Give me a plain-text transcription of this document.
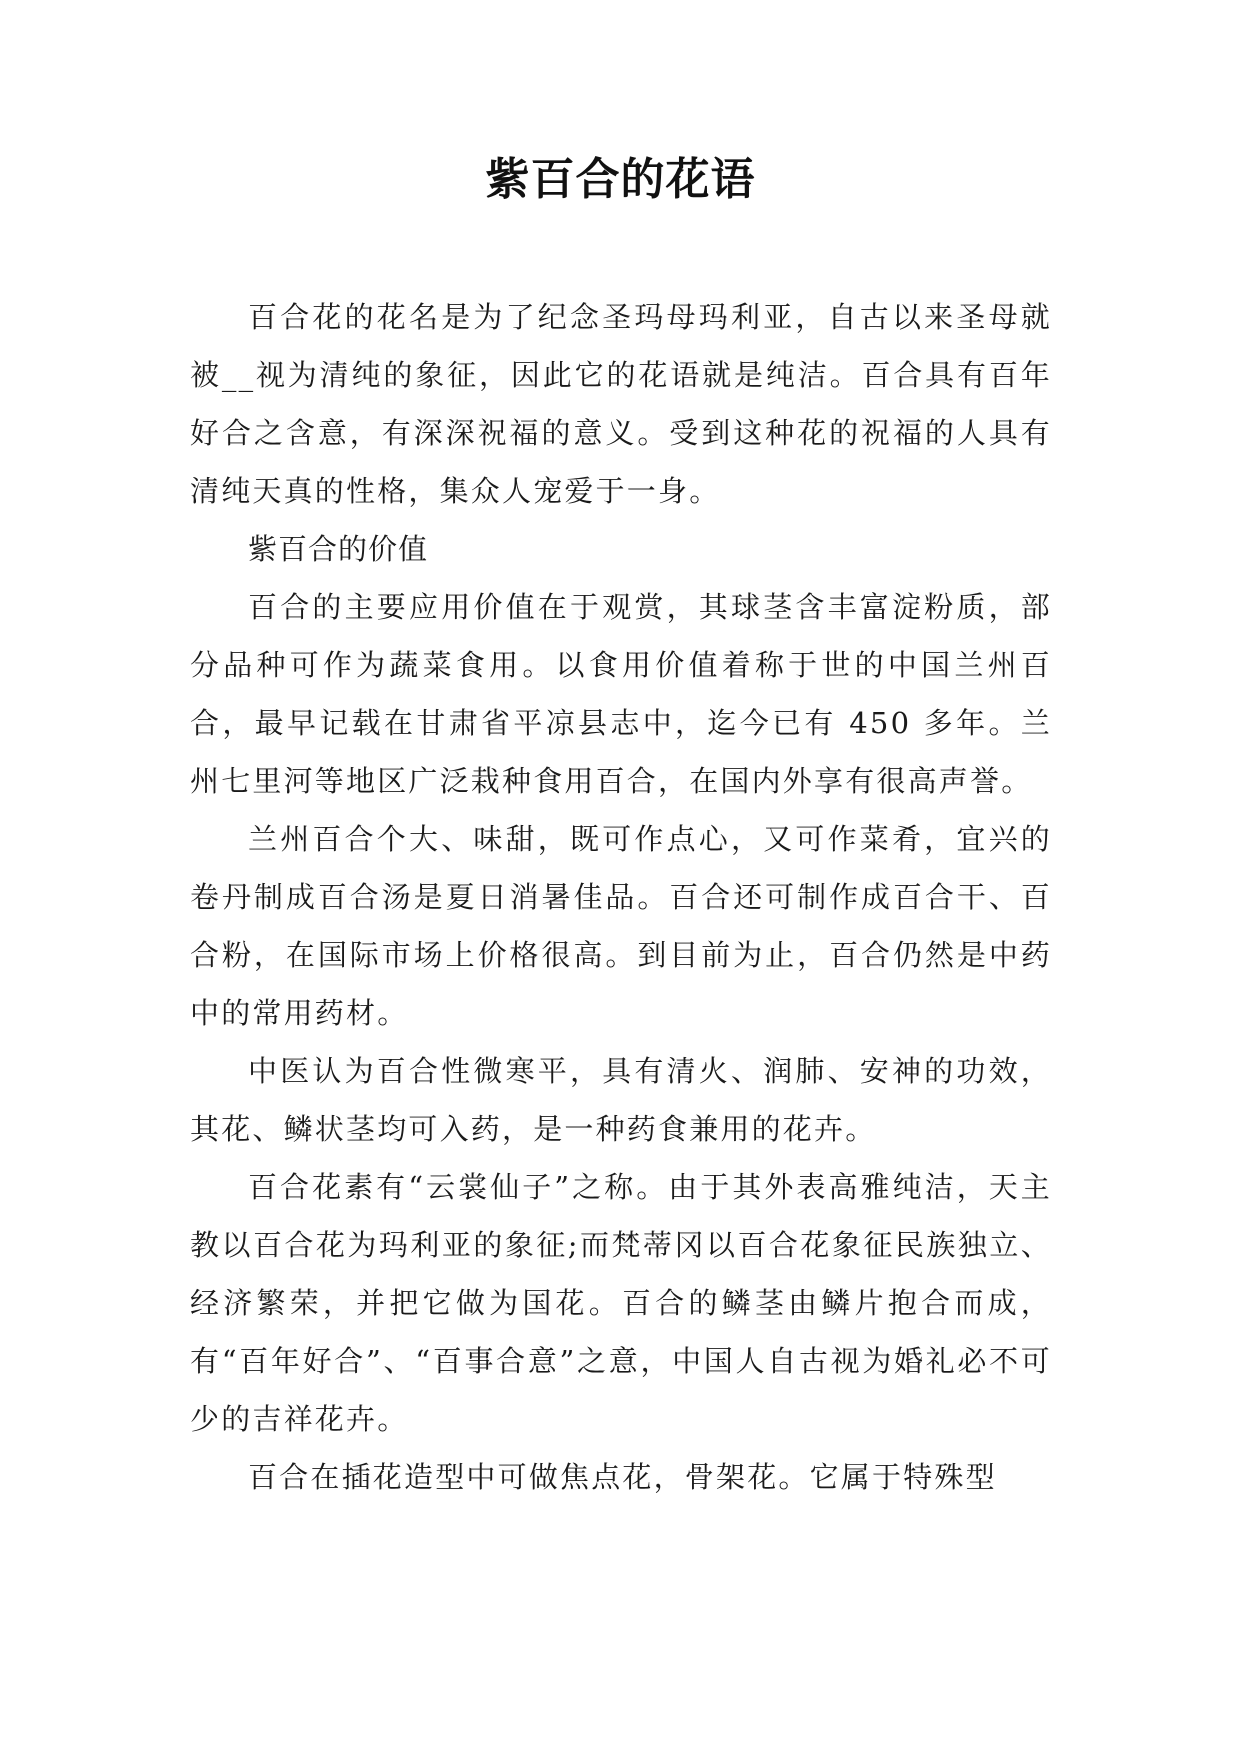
紫百合的花语

百合花的花名是为了纪念圣玛母玛利亚，自古以来圣母就被__视为清纯的象征，因此它的花语就是纯洁。百合具有百年好合之含意，有深深祝福的意义。受到这种花的祝福的人具有清纯天真的性格，集众人宠爱于一身。

紫百合的价值

百合的主要应用价值在于观赏，其球茎含丰富淀粉质，部分品种可作为蔬菜食用。以食用价值着称于世的中国兰州百合，最早记载在甘肃省平凉县志中，迄今已有 450 多年。兰州七里河等地区广泛栽种食用百合，在国内外享有很高声誉。

兰州百合个大、味甜，既可作点心，又可作菜肴，宜兴的卷丹制成百合汤是夏日消暑佳品。百合还可制作成百合干、百合粉，在国际市场上价格很高。到目前为止，百合仍然是中药中的常用药材。

中医认为百合性微寒平，具有清火、润肺、安神的功效，其花、鳞状茎均可入药，是一种药食兼用的花卉。

百合花素有“云裳仙子”之称。由于其外表高雅纯洁，天主教以百合花为玛利亚的象征;而梵蒂冈以百合花象征民族独立、经济繁荣，并把它做为国花。百合的鳞茎由鳞片抱合而成，有“百年好合”、“百事合意”之意，中国人自古视为婚礼必不可少的吉祥花卉。

百合在插花造型中可做焦点花，骨架花。它属于特殊型
